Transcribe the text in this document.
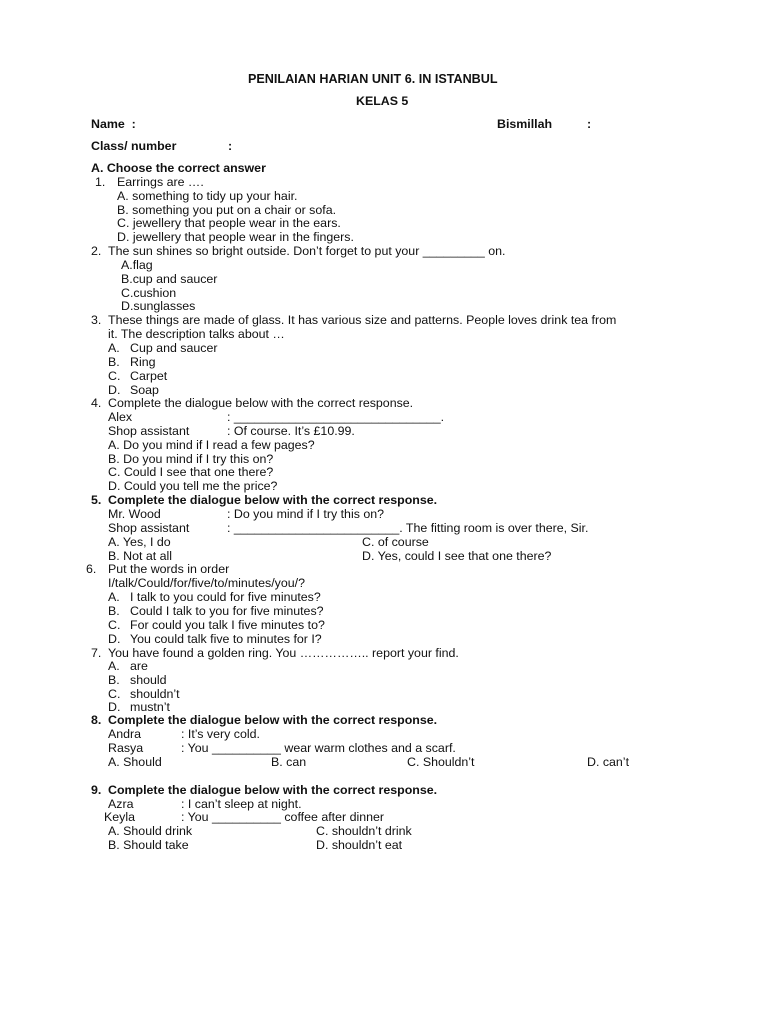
PENILAIAN HARIAN UNIT 6. IN ISTANBUL
KELAS 5
Name  :	Bismillah	:
Class/ number	:
A. Choose the correct answer
1. Earrings are ….
A. something to tidy up your hair.
B. something you put on a chair or sofa.
C. jewellery that people wear in the ears.
D. jewellery that people wear in the fingers.
2. The sun shines so bright outside. Don’t forget to put your _________ on.
A.flag
B.cup and saucer
C.cushion
D.sunglasses
3. These things are made of glass. It has various size and patterns. People loves drink tea from
it. The description talks about …
A. Cup and saucer
B. Ring
C. Carpet
D. Soap
4. Complete the dialogue below with the correct response.
Alex	: ______________________________.
Shop assistant	: Of course. It’s £10.99.
A. Do you mind if I read a few pages?
B. Do you mind if I try this on?
C. Could I see that one there?
D. Could you tell me the price?
5. Complete the dialogue below with the correct response.
Mr. Wood	: Do you mind if I try this on?
Shop assistant	: ________________________. The fitting room is over there, Sir.
A. Yes, I do	C. of course
B. Not at all	D. Yes, could I see that one there?
6. Put the words in order
I/talk/Could/for/five/to/minutes/you/?
A. I talk to you could for five minutes?
B. Could I talk to you for five minutes?
C. For could you talk I five minutes to?
D. You could talk five to minutes for I?
7. You have found a golden ring. You …………….. report your find.
A. are
B. should
C. shouldn’t
D. mustn’t
8. Complete the dialogue below with the correct response.
Andra	: It’s very cold.
Rasya	: You __________ wear warm clothes and a scarf.
A. Should	B. can	C. Shouldn’t	D. can’t
9. Complete the dialogue below with the correct response.
Azra	: I can’t sleep at night.
Keyla	: You __________ coffee after dinner
A. Should drink	C. shouldn’t drink
B. Should take	D. shouldn’t eat
